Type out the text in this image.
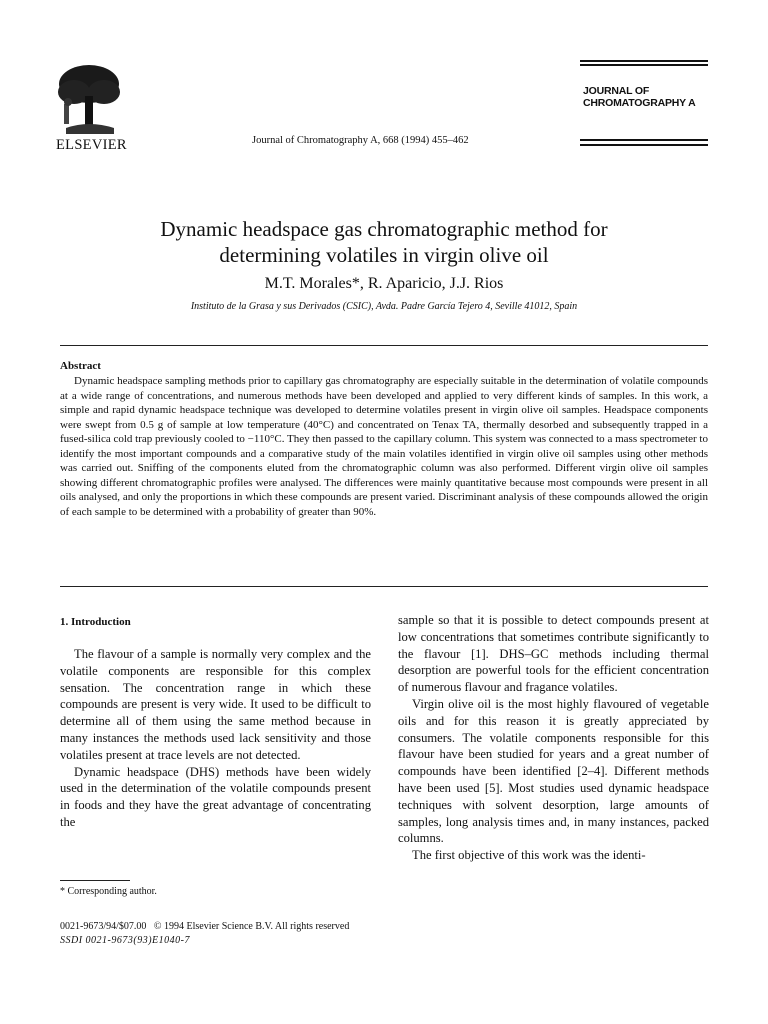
ELSEVIER	Journal of Chromatography A, 668 (1994) 455–462
JOURNAL OF
CHROMATOGRAPHY A
Dynamic headspace gas chromatographic method for
determining volatiles in virgin olive oil
M.T. Morales*, R. Aparicio, J.J. Rios
Instituto de la Grasa y sus Derivados (CSIC), Avda. Padre García Tejero 4, Seville 41012, Spain
Abstract

Dynamic headspace sampling methods prior to capillary gas chromatography are especially suitable in the determination of volatile compounds at a wide range of concentrations, and numerous methods have been developed and applied to very different kinds of samples. In this work, a simple and rapid dynamic headspace technique was developed to determine volatiles present in virgin olive oil samples. Headspace components were swept from 0.5 g of sample at low temperature (40°C) and concentrated on Tenax TA, thermally desorbed and subsequently trapped in a fused-silica cold trap previously cooled to −110°C. They then passed to the capillary column. This system was connected to a mass spectrometer to identify the most important compounds and a comparative study of the main volatiles identified in virgin olive oil samples using other methods was carried out. Sniffing of the components eluted from the chromatographic column was also performed. Different virgin olive oil samples showing different chromatographic profiles were analysed. The differences were mainly quantitative because most compounds were present in all oils analysed, and only the proportions in which these compounds are present varied. Discriminant analysis of these compounds allowed the origin of each sample to be determined with a probability of greater than 90%.

1. Introduction

The flavour of a sample is normally very complex and the volatile components are responsible for this complex sensation. The concentration range in which these compounds are present is very wide. It used to be difficult to determine all of them using the same method because in many instances the methods used lack sensitivity and those volatiles present at trace levels are not detected.

Dynamic headspace (DHS) methods have been widely used in the determination of the volatile compounds present in foods and they have the great advantage of concentrating the

sample so that it is possible to detect compounds present at low concentrations that sometimes contribute significantly to the flavour [1]. DHS–GC methods including thermal desorption are powerful tools for the efficient concentration of numerous flavour and fragance volatiles.

Virgin olive oil is the most highly flavoured of vegetable oils and for this reason it is greatly appreciated by consumers. The volatile components responsible for this flavour have been studied for years and a great number of compounds have been identified [2–4]. Different methods have been used [5]. Most studies used dynamic headspace techniques with solvent desorption, large amounts of samples, long analysis times and, in many instances, packed columns.

The first objective of this work was the identi-

* Corresponding author.
0021-9673/94/$07.00   © 1994 Elsevier Science B.V. All rights reserved
SSDI 0021-9673(93)E1040-7
